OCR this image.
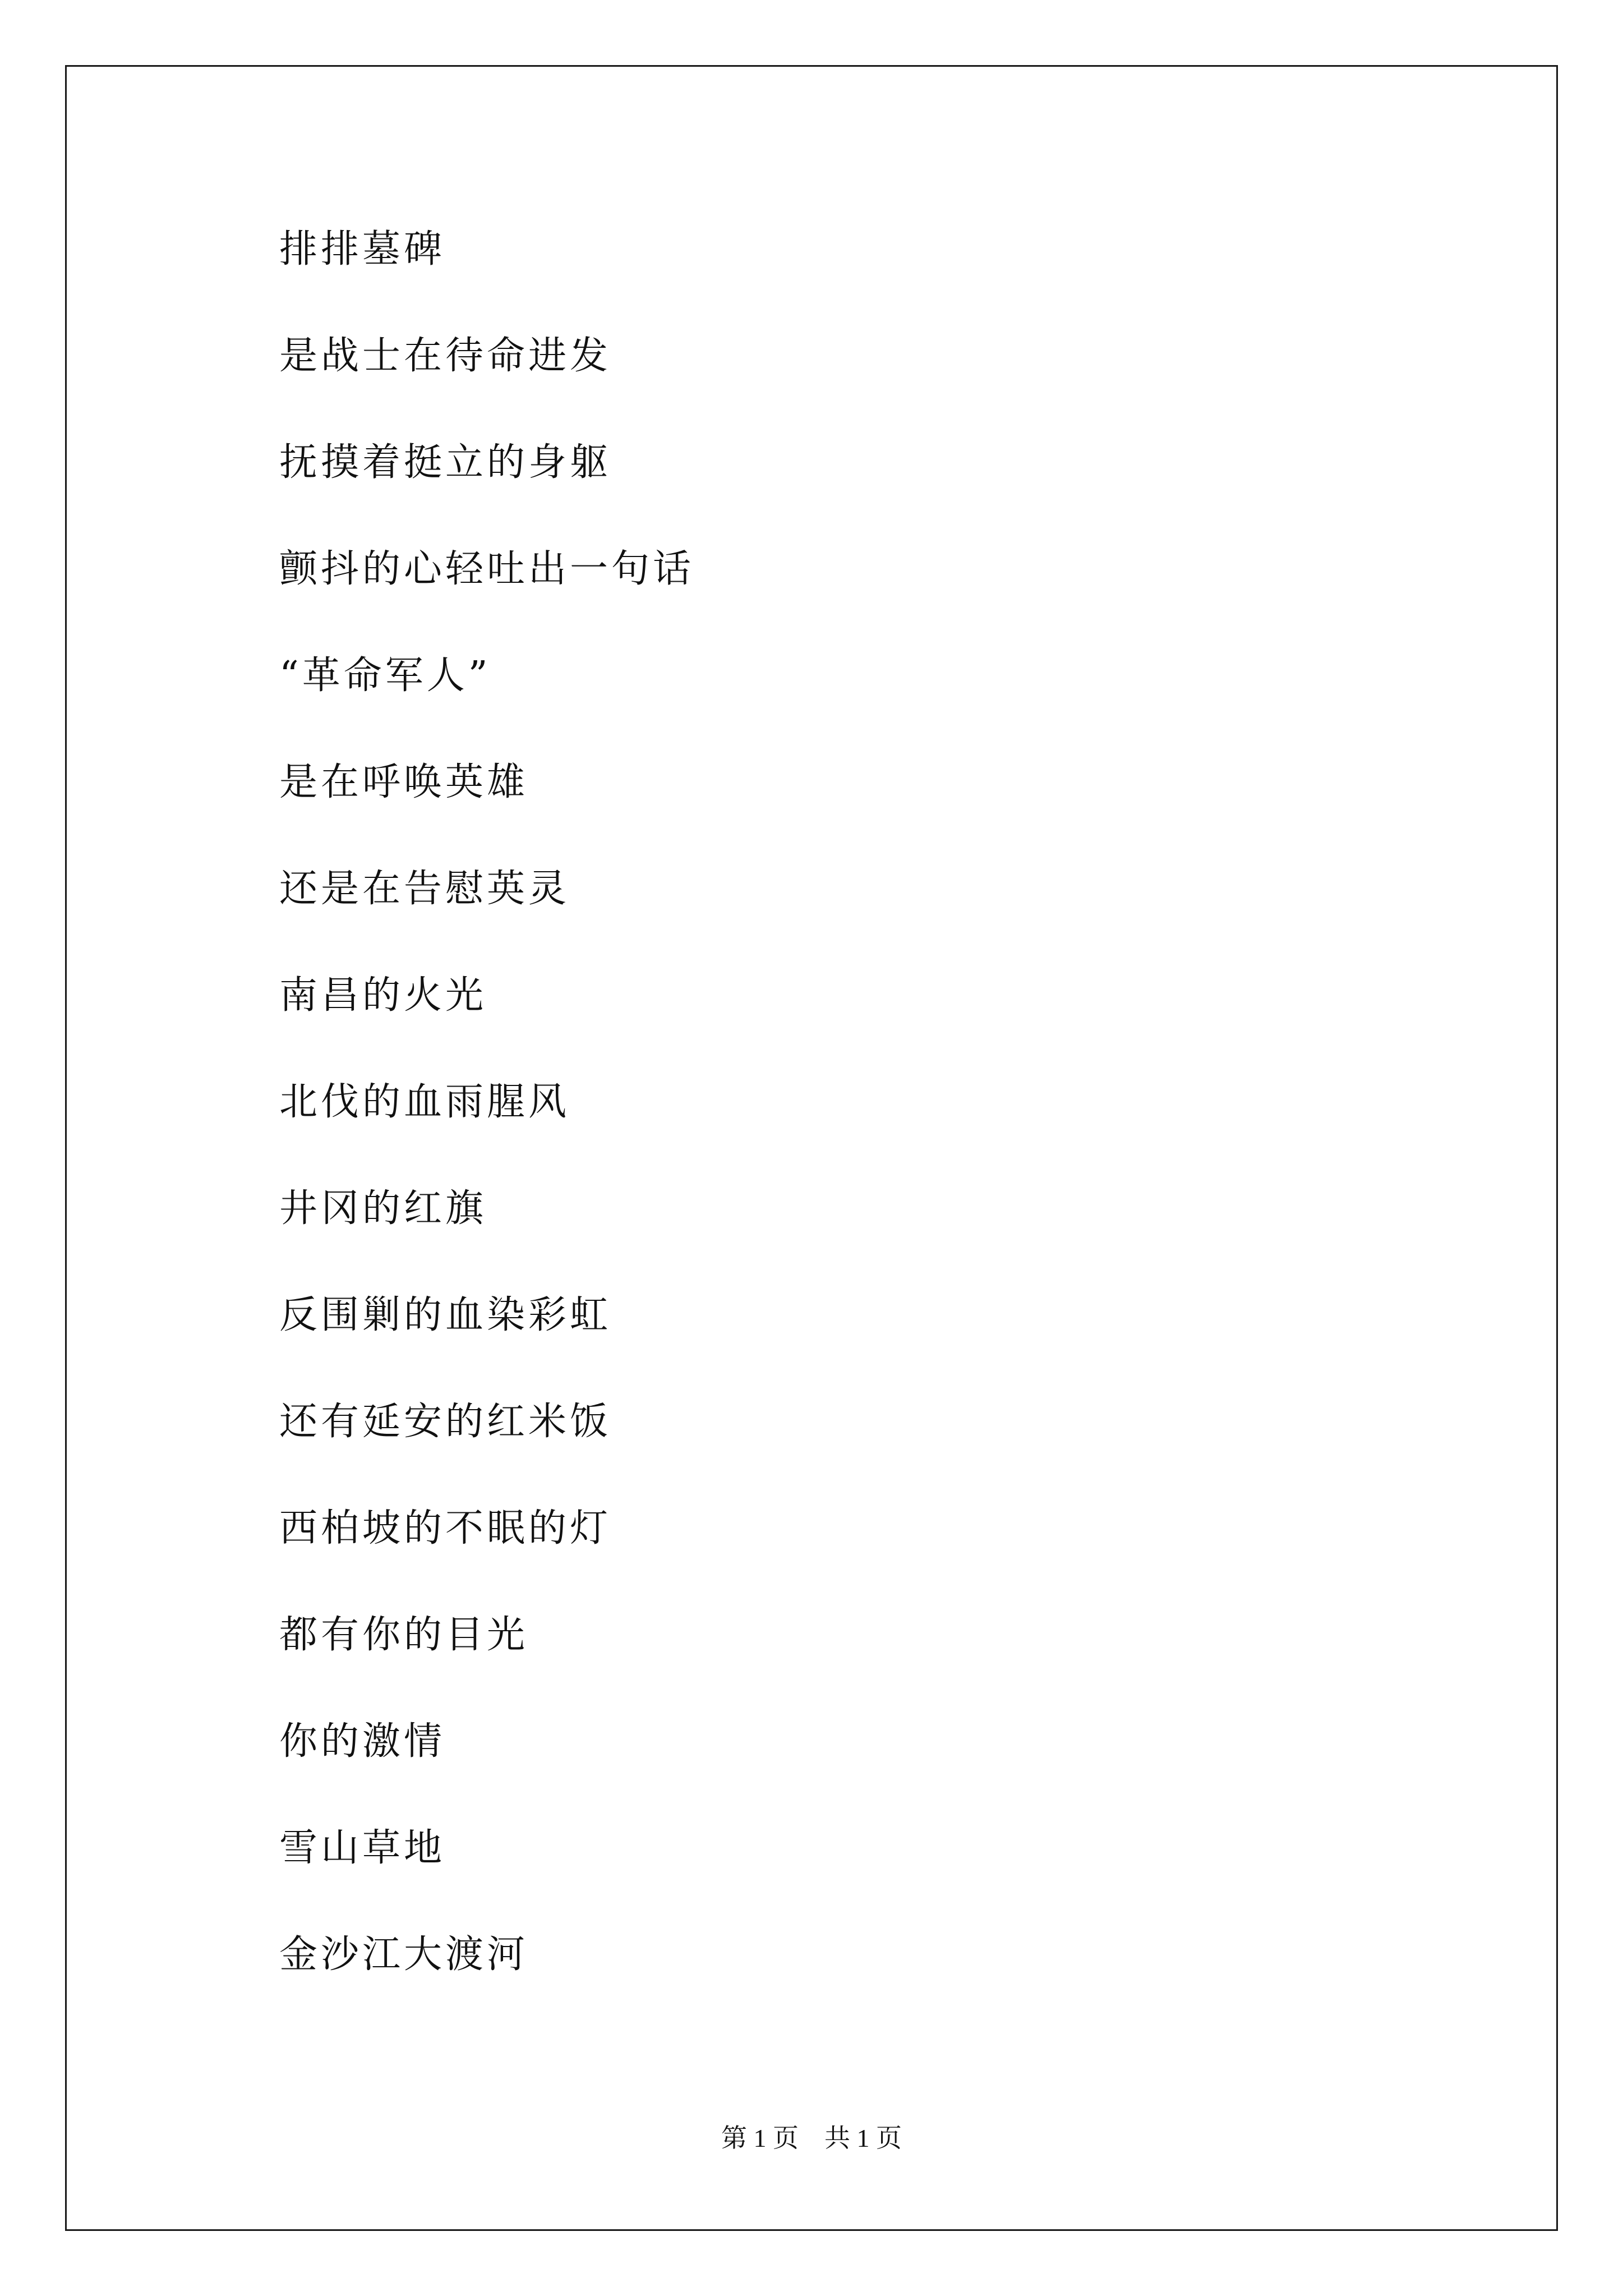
排排墓碑
是战士在待命进发
抚摸着挺立的身躯
颤抖的心轻吐出一句话
“革命军人”
是在呼唤英雄
还是在告慰英灵
南昌的火光
北伐的血雨腥风
井冈的红旗
反围剿的血染彩虹
还有延安的红米饭
西柏坡的不眠的灯
都有你的目光
你的激情
雪山草地
金沙江大渡河
第 1 页    共 1 页
